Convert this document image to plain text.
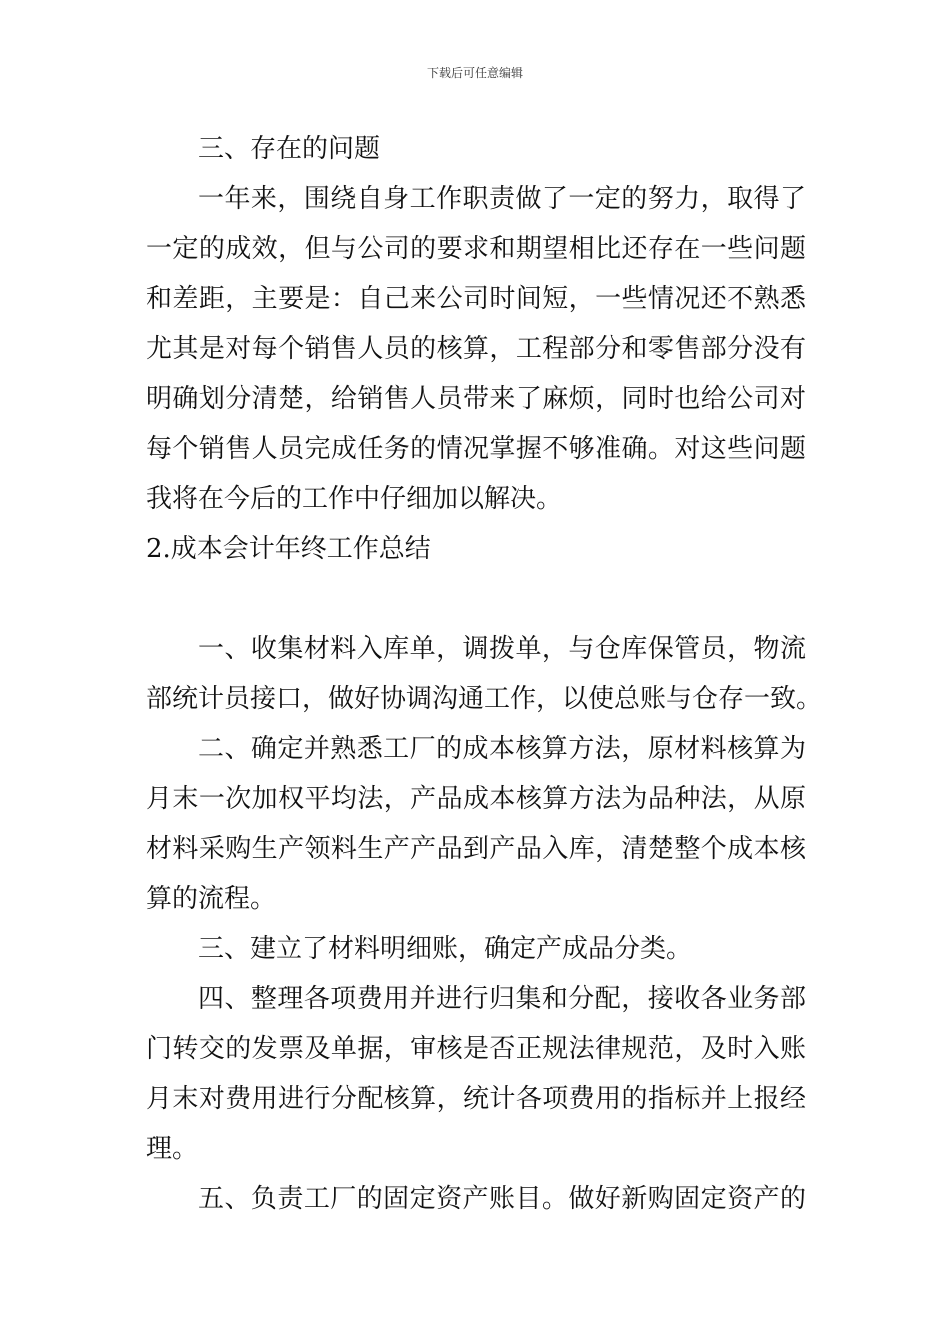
下载后可任意编辑
三、存在的问题
一年来，围绕自身工作职责做了一定的努力，取得了
一定的成效，但与公司的要求和期望相比还存在一些问题
和差距，主要是：自己来公司时间短，一些情况还不熟悉
尤其是对每个销售人员的核算，工程部分和零售部分没有
明确划分清楚，给销售人员带来了麻烦，同时也给公司对
每个销售人员完成任务的情况掌握不够准确。对这些问题
我将在今后的工作中仔细加以解决。
2.成本会计年终工作总结
一、收集材料入库单，调拨单，与仓库保管员，物流
部统计员接口，做好协调沟通工作，以使总账与仓存一致。
二、确定并熟悉工厂的成本核算方法，原材料核算为
月末一次加权平均法，产品成本核算方法为品种法，从原
材料采购生产领料生产产品到产品入库，清楚整个成本核
算的流程。
三、建立了材料明细账，确定产成品分类。
四、整理各项费用并进行归集和分配，接收各业务部
门转交的发票及单据，审核是否正规法律规范，及时入账
月末对费用进行分配核算，统计各项费用的指标并上报经
理。
五、负责工厂的固定资产账目。做好新购固定资产的
